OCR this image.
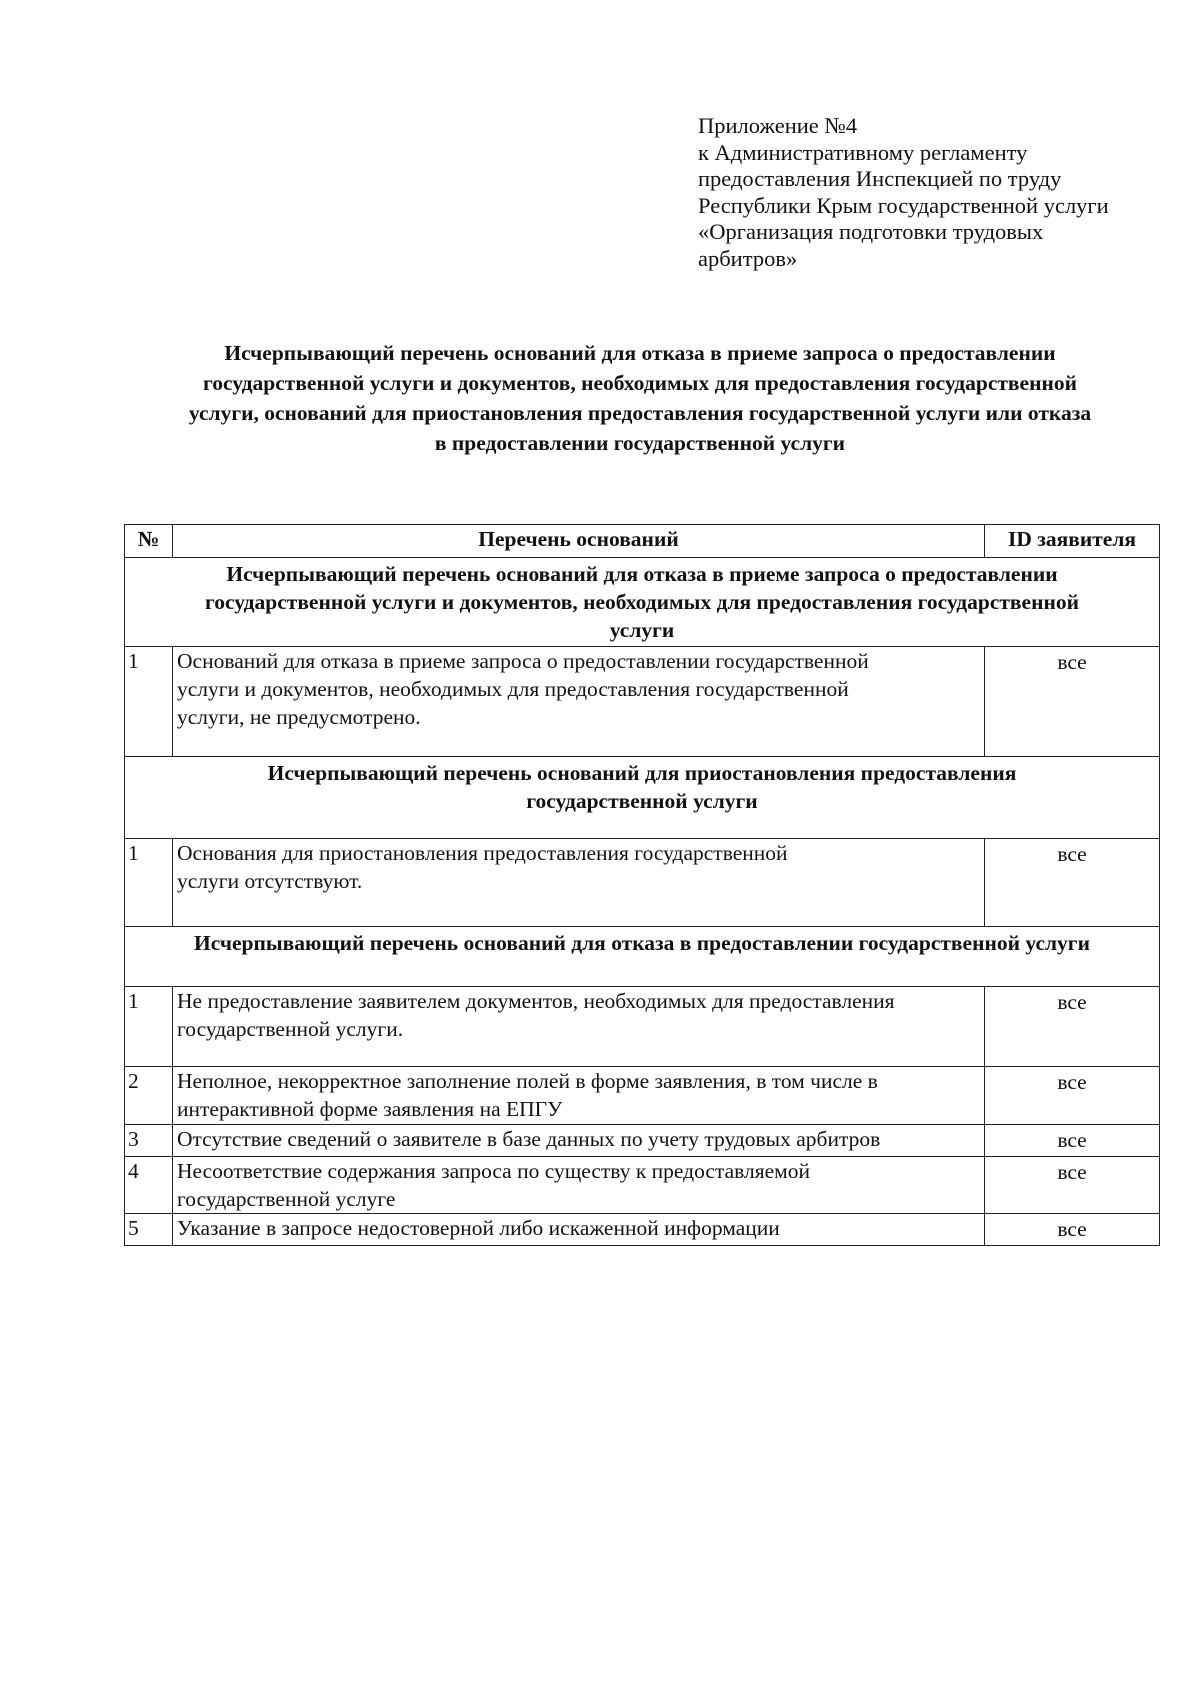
Приложение №4
к Административному регламенту
предоставления Инспекцией по труду
Республики Крым государственной услуги
«Организация подготовки трудовых
арбитров»
Исчерпывающий перечень оснований для отказа в приеме запроса о предоставлении
государственной услуги и документов, необходимых для предоставления государственной
услуги, оснований для приостановления предоставления государственной услуги или отказа
в предоставлении государственной услуги
№	Перечень оснований	ID заявителя

Исчерпывающий перечень оснований для отказа в приеме запроса о предоставлении
государственной услуги и документов, необходимых для предоставления государственной
услуги		

1	Оснований для отказа в приеме запроса о предоставлении государственной
услуги и документов, необходимых для предоставления государственной
услуги, не предусмотрено.	все

Исчерпывающий перечень оснований для приостановления предоставления
государственной услуги		

1	Основания для приостановления предоставления государственной
услуги отсутствуют.	все

Исчерпывающий перечень оснований для отказа в предоставлении государственной услуги		

1	Не предоставление заявителем документов, необходимых для предоставления
государственной услуги.	все
2	Неполное, некорректное заполнение полей в форме заявления, в том числе в
интерактивной форме заявления на ЕПГУ	все
3	Отсутствие сведений о заявителе в базе данных по учету трудовых арбитров	все
4	Несоответствие содержания запроса по существу к предоставляемой
государственной услуге	все
5	Указание в запросе недостоверной либо искаженной информации	все
